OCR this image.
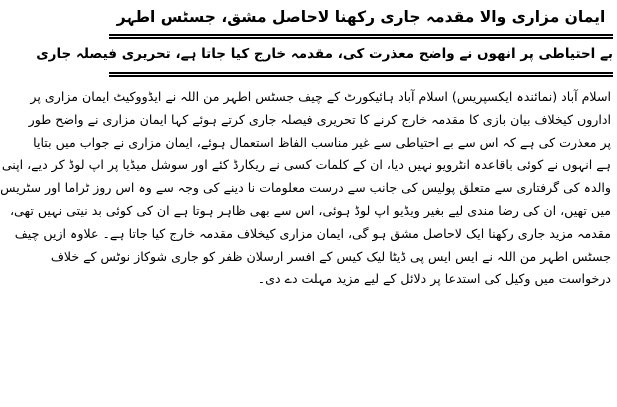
ایمان مزاری والا مقدمہ جاری رکھنا لاحاصل مشق، جسٹس اطہر
بے احتیاطی پر انھوں نے واضح معذرت کی، مقدمہ خارج کیا جاتا ہے، تحریری فیصلہ جاری
اسلام آباد (نمائندہ ایکسپریس) اسلام آباد ہائیکورٹ کے چیف جسٹس اطہر من اللہ نے ایڈووکیٹ ایمان مزاری پر
اداروں کیخلاف بیان بازی کا مقدمہ خارج کرنے کا تحریری فیصلہ جاری کرتے ہوئے کہا ایمان مزاری نے واضح طور
پر معذرت کی ہے کہ اس سے بے احتیاطی سے غیر مناسب الفاظ استعمال ہوئے، ایمان مزاری نے جواب میں بتایا
ہے انہوں نے کوئی باقاعدہ انٹرویو نہیں دیا، ان کے کلمات کسی نے ریکارڈ کئے اور سوشل میڈیا پر اپ لوڈ کر دیے، اپنی
والدہ کی گرفتاری سے متعلق پولیس کی جانب سے درست معلومات نا دینے کی وجہ سے وہ اس روز ٹراما اور سٹریس
میں تھیں، ان کی رضا مندی لیے بغیر ویڈیو اپ لوڈ ہوئی، اس سے بھی ظاہر ہوتا ہے ان کی کوئی بد نیتی نہیں تھی،
مقدمہ مزید جاری رکھنا ایک لاحاصل مشق ہو گی، ایمان مزاری کیخلاف مقدمہ خارج کیا جاتا ہے۔ علاوہ ازیں چیف
جسٹس اطہر من اللہ نے ایس ایس پی ڈیٹا لیک کیس کے افسر ارسلان ظفر کو جاری شوکاز نوٹس کے خلاف
درخواست میں وکیل کی استدعا پر دلائل کے لیے مزید مہلت دے دی۔
